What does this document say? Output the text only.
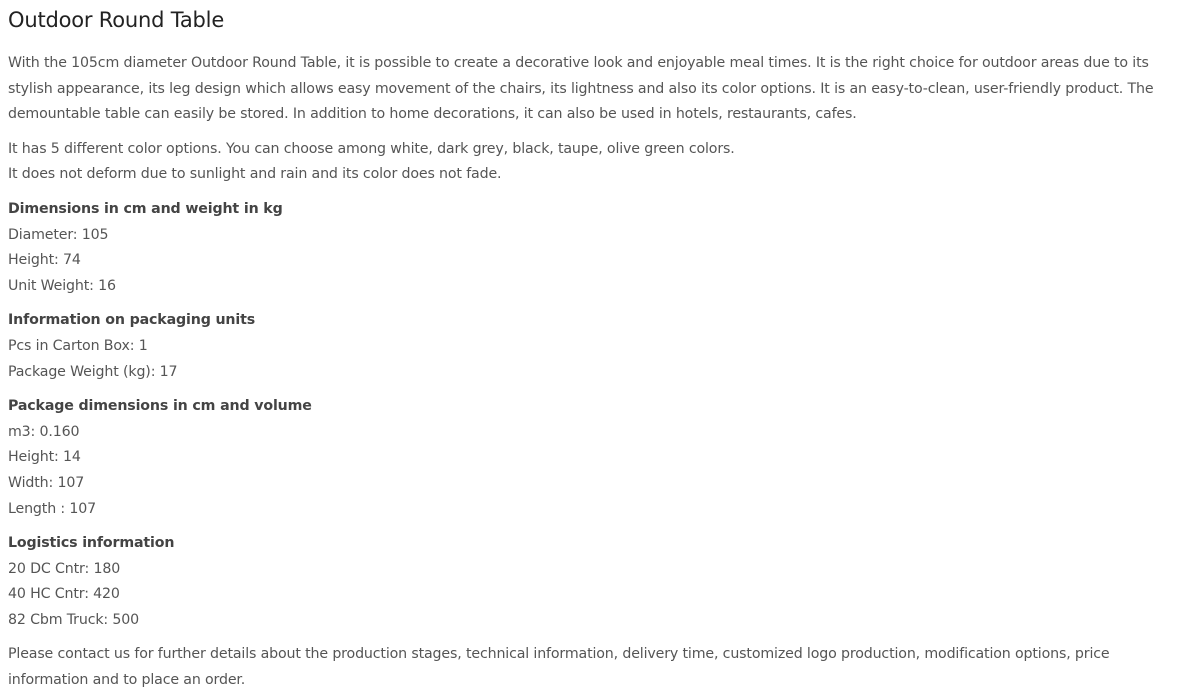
Outdoor Round Table

With the 105cm diameter Outdoor Round Table, it is possible to create a decorative look and enjoyable meal times. It is the right choice for outdoor areas due to its stylish appearance, its leg design which allows easy movement of the chairs, its lightness and also its color options. It is an easy-to-clean, user-friendly product. The demountable table can easily be stored. In addition to home decorations, it can also be used in hotels, restaurants, cafes.

It has 5 different color options. You can choose among white, dark grey, black, taupe, olive green colors.
It does not deform due to sunlight and rain and its color does not fade.

Dimensions in cm and weight in kg
Diameter: 105
Height: 74
Unit Weight: 16
Information on packaging units
Pcs in Carton Box: 1
Package Weight (kg): 17
Package dimensions in cm and volume
m3: 0.160
Height: 14
Width: 107
Length : 107
Logistics information
20 DC Cntr: 180
40 HC Cntr: 420
82 Cbm Truck: 500

Please contact us for further details about the production stages, technical information, delivery time, customized logo production, modification options, price information and to place an order.
